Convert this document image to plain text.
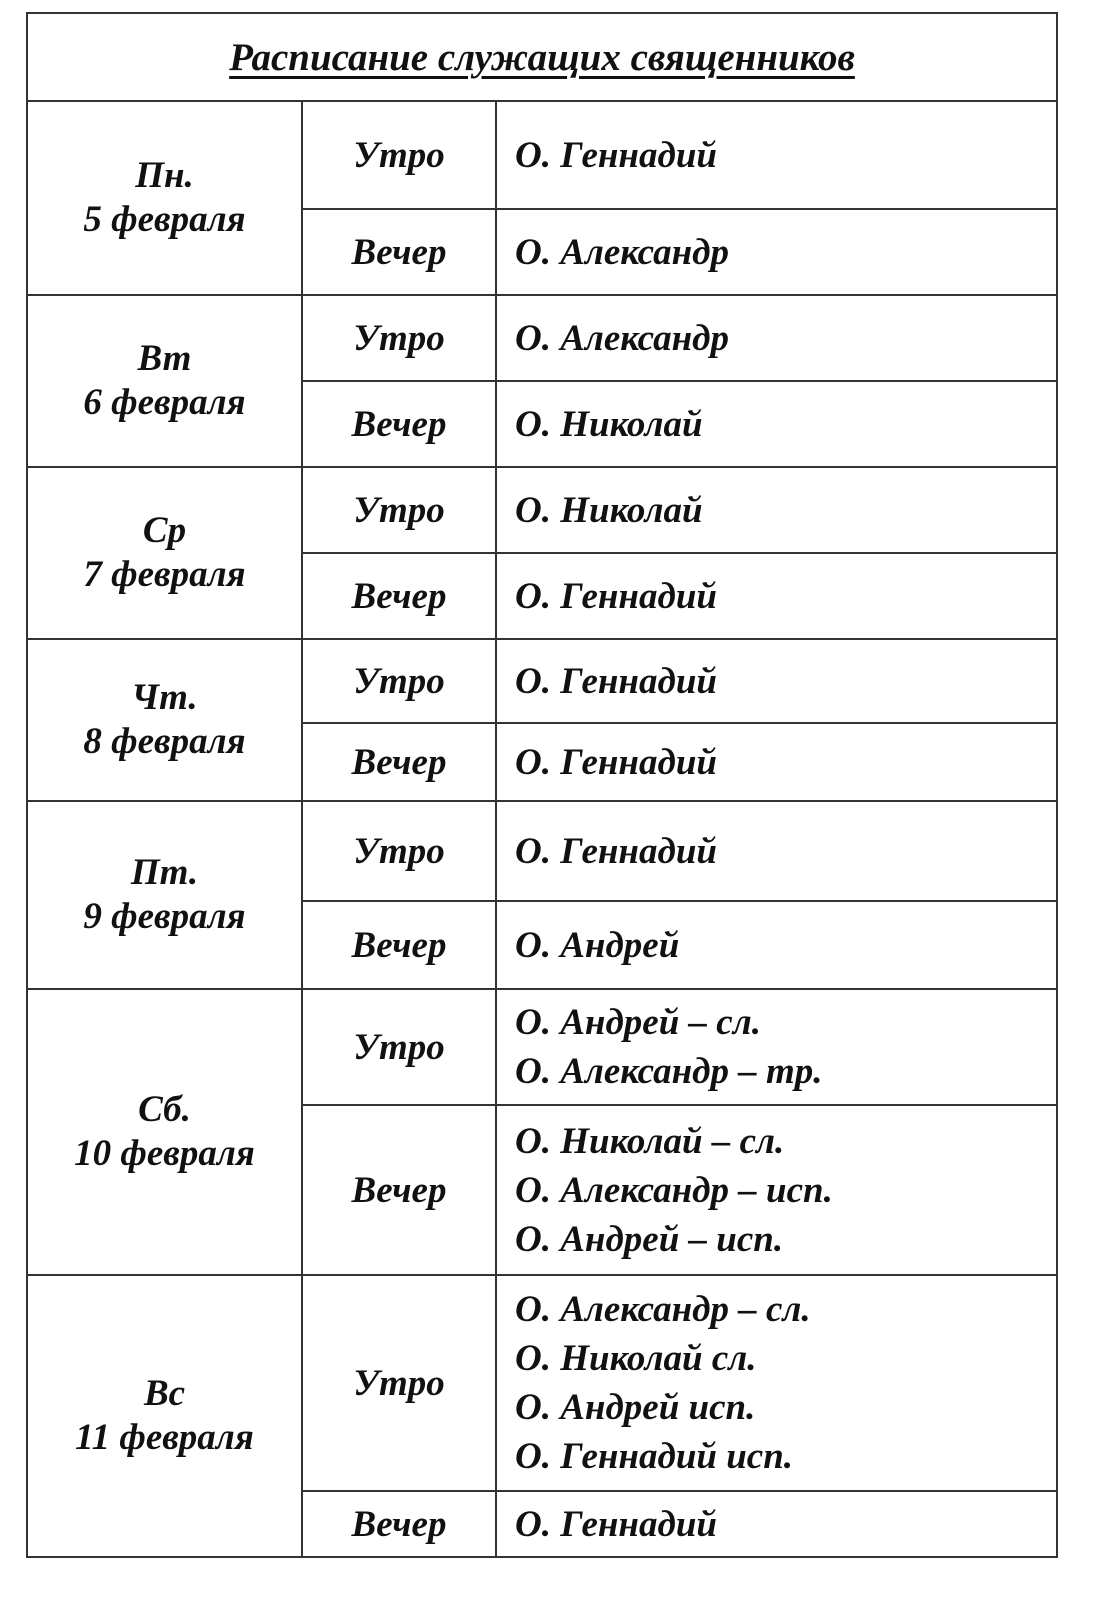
Расписание служащих священников		

Пн.
5 февраля	Утро	О. Геннадий

	Вечер	О. Александр

Вт
6 февраля	Утро	О. Александр

	Вечер	О. Николай

Ср
7 февраля	Утро	О. Николай

	Вечер	О. Геннадий

Чт.
8 февраля	Утро	О. Геннадий

	Вечер	О. Геннадий

Пт.
9 февраля	Утро	О. Геннадий

	Вечер	О. Андрей

Сб.
10 февраля	Утро	О. Андрей – сл.
О. Александр – тр.

	Вечер	О. Николай – сл.
О. Александр – исп.
О. Андрей – исп.

Вс
11 февраля	Утро	О. Александр – сл.
О. Николай сл.
О. Андрей исп.
О. Геннадий исп.

	Вечер	О. Геннадий
